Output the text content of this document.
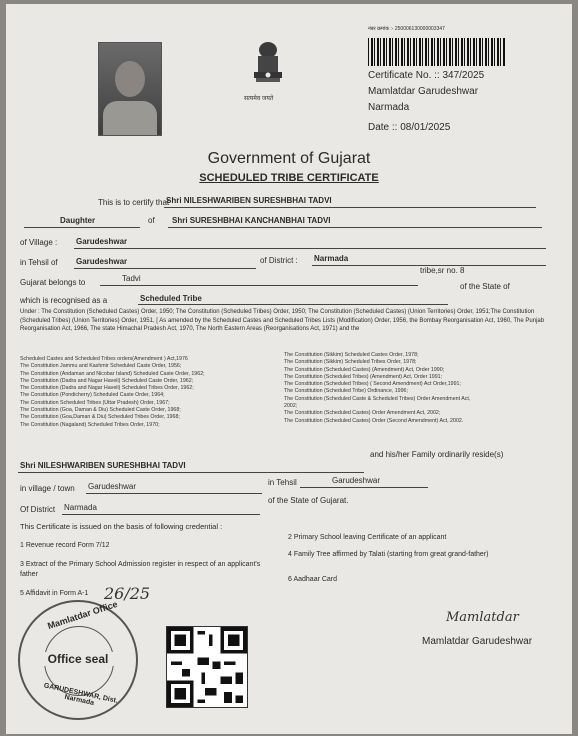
सत्यमेव जयते
नंबर क्रमांक :- 250006130000003347
Certificate No. :: 347/2025
Mamlatdar Garudeshwar
Narmada
Date :: 08/01/2025
Government of Gujarat
SCHEDULED TRIBE CERTIFICATE
This is to certify that
Shri NILESHWARIBEN SURESHBHAI TADVI
Daughter	of Shri SURESHBHAI KANCHANBHAI TADVI
of Village : Garudeshwar
in Tehsil of Garudeshwar	of District : Narmada
Gujarat belongs to	Tadvi
tribe,sr no. 8
of the State of
which is recognised as a	Scheduled Tribe
Under : The Constitution (Scheduled Castes) Order, 1950; The Constitution (Scheduled Tribes) Order, 1950; The Constitution (Scheduled Castes) (Union Territories) Order, 1951;The Constitution (Scheduled Tribes) (Union Territories) Order, 1951, [ As amended by the Scheduled Castes and Scheduled Tribes Lists (Modification) Order, 1956, the Bombay Reorganisation Act, 1960, The Punjab Reorganisation Act, 1966, The state Himachal Pradesh Act, 1970, The North Eastern Areas (Reorganisations Act, 1971) and the
Scheduled Castes and Scheduled Tribes orders(Amendment ) Act,1976
The Constitution Jammu and Kashmir Scheduled Caste Order, 1956;
The Constitution (Andaman and Nicobar Island) Scheduled Caste Order, 1962;
The Constitution (Dadra and Nagar Haveli) Scheduled Caste Order, 1962;
The Constitution (Dadra and Nagar Haveli) Scheduled Tribes Order, 1962;
The Constitution (Pondicherry) Scheduled Caste Order, 1964;
The Constitution Scheduled Tribes (Uttar Pradesh) Order, 1967;
The Constitution (Goa, Daman & Diu) Scheduled Caste Order, 1968;
The Constitution (Goa,Daman & Diu) Scheduled Tribes Order, 1968;
The Constitution (Nagaland) Scheduled Tribes Order, 1970;
The Constitution (Sikkim) Scheduled Castes Order, 1978;
The Constitution (Sikkim) Scheduled Tribes Order, 1978;
The Constitution (Scheduled Castes) (Amendment) Act, Order 1990;
The Constitution (Scheduled Tribes) (Amendment) Act, Order 1991;
The Constitution (Scheduled Tribes) ( Second Amendment) Act Order,1991;
The Constitution (Scheduled Tribe) Ordinance, 1996;
The Constitution (Scheduled Caste & Scheduled Tribes) Order Amendment Act,
2002;
The Constitution (Scheduled Castes) Order Amendment Act, 2002;
The Constitution (Scheduled Castes) Order (Second Amendment) Act, 2002.
Shri NILESHWARIBEN SURESHBHAI TADVI
and his/her Family ordinarily reside(s)
in village / town Garudeshwar	in Tehsil	Garudeshwar
Of District Narmada
of the State of Gujarat.
This Certificate is issued on the basis of following credential :
1 Revenue record Form 7/12
2 Primary School leaving Certificate of an applicant
3 Extract of the Primary School Admission register in respect of an applicant's father
4 Family Tree affirmed by Talati (starting from great grand-father)
5 Affidavit in Form A-1
6 Aadhaar Card
26/25
Mamlatdar Office
Office seal
GARUDESHWAR, Dist. Narmada
Mamlatdar
Mamlatdar Garudeshwar
